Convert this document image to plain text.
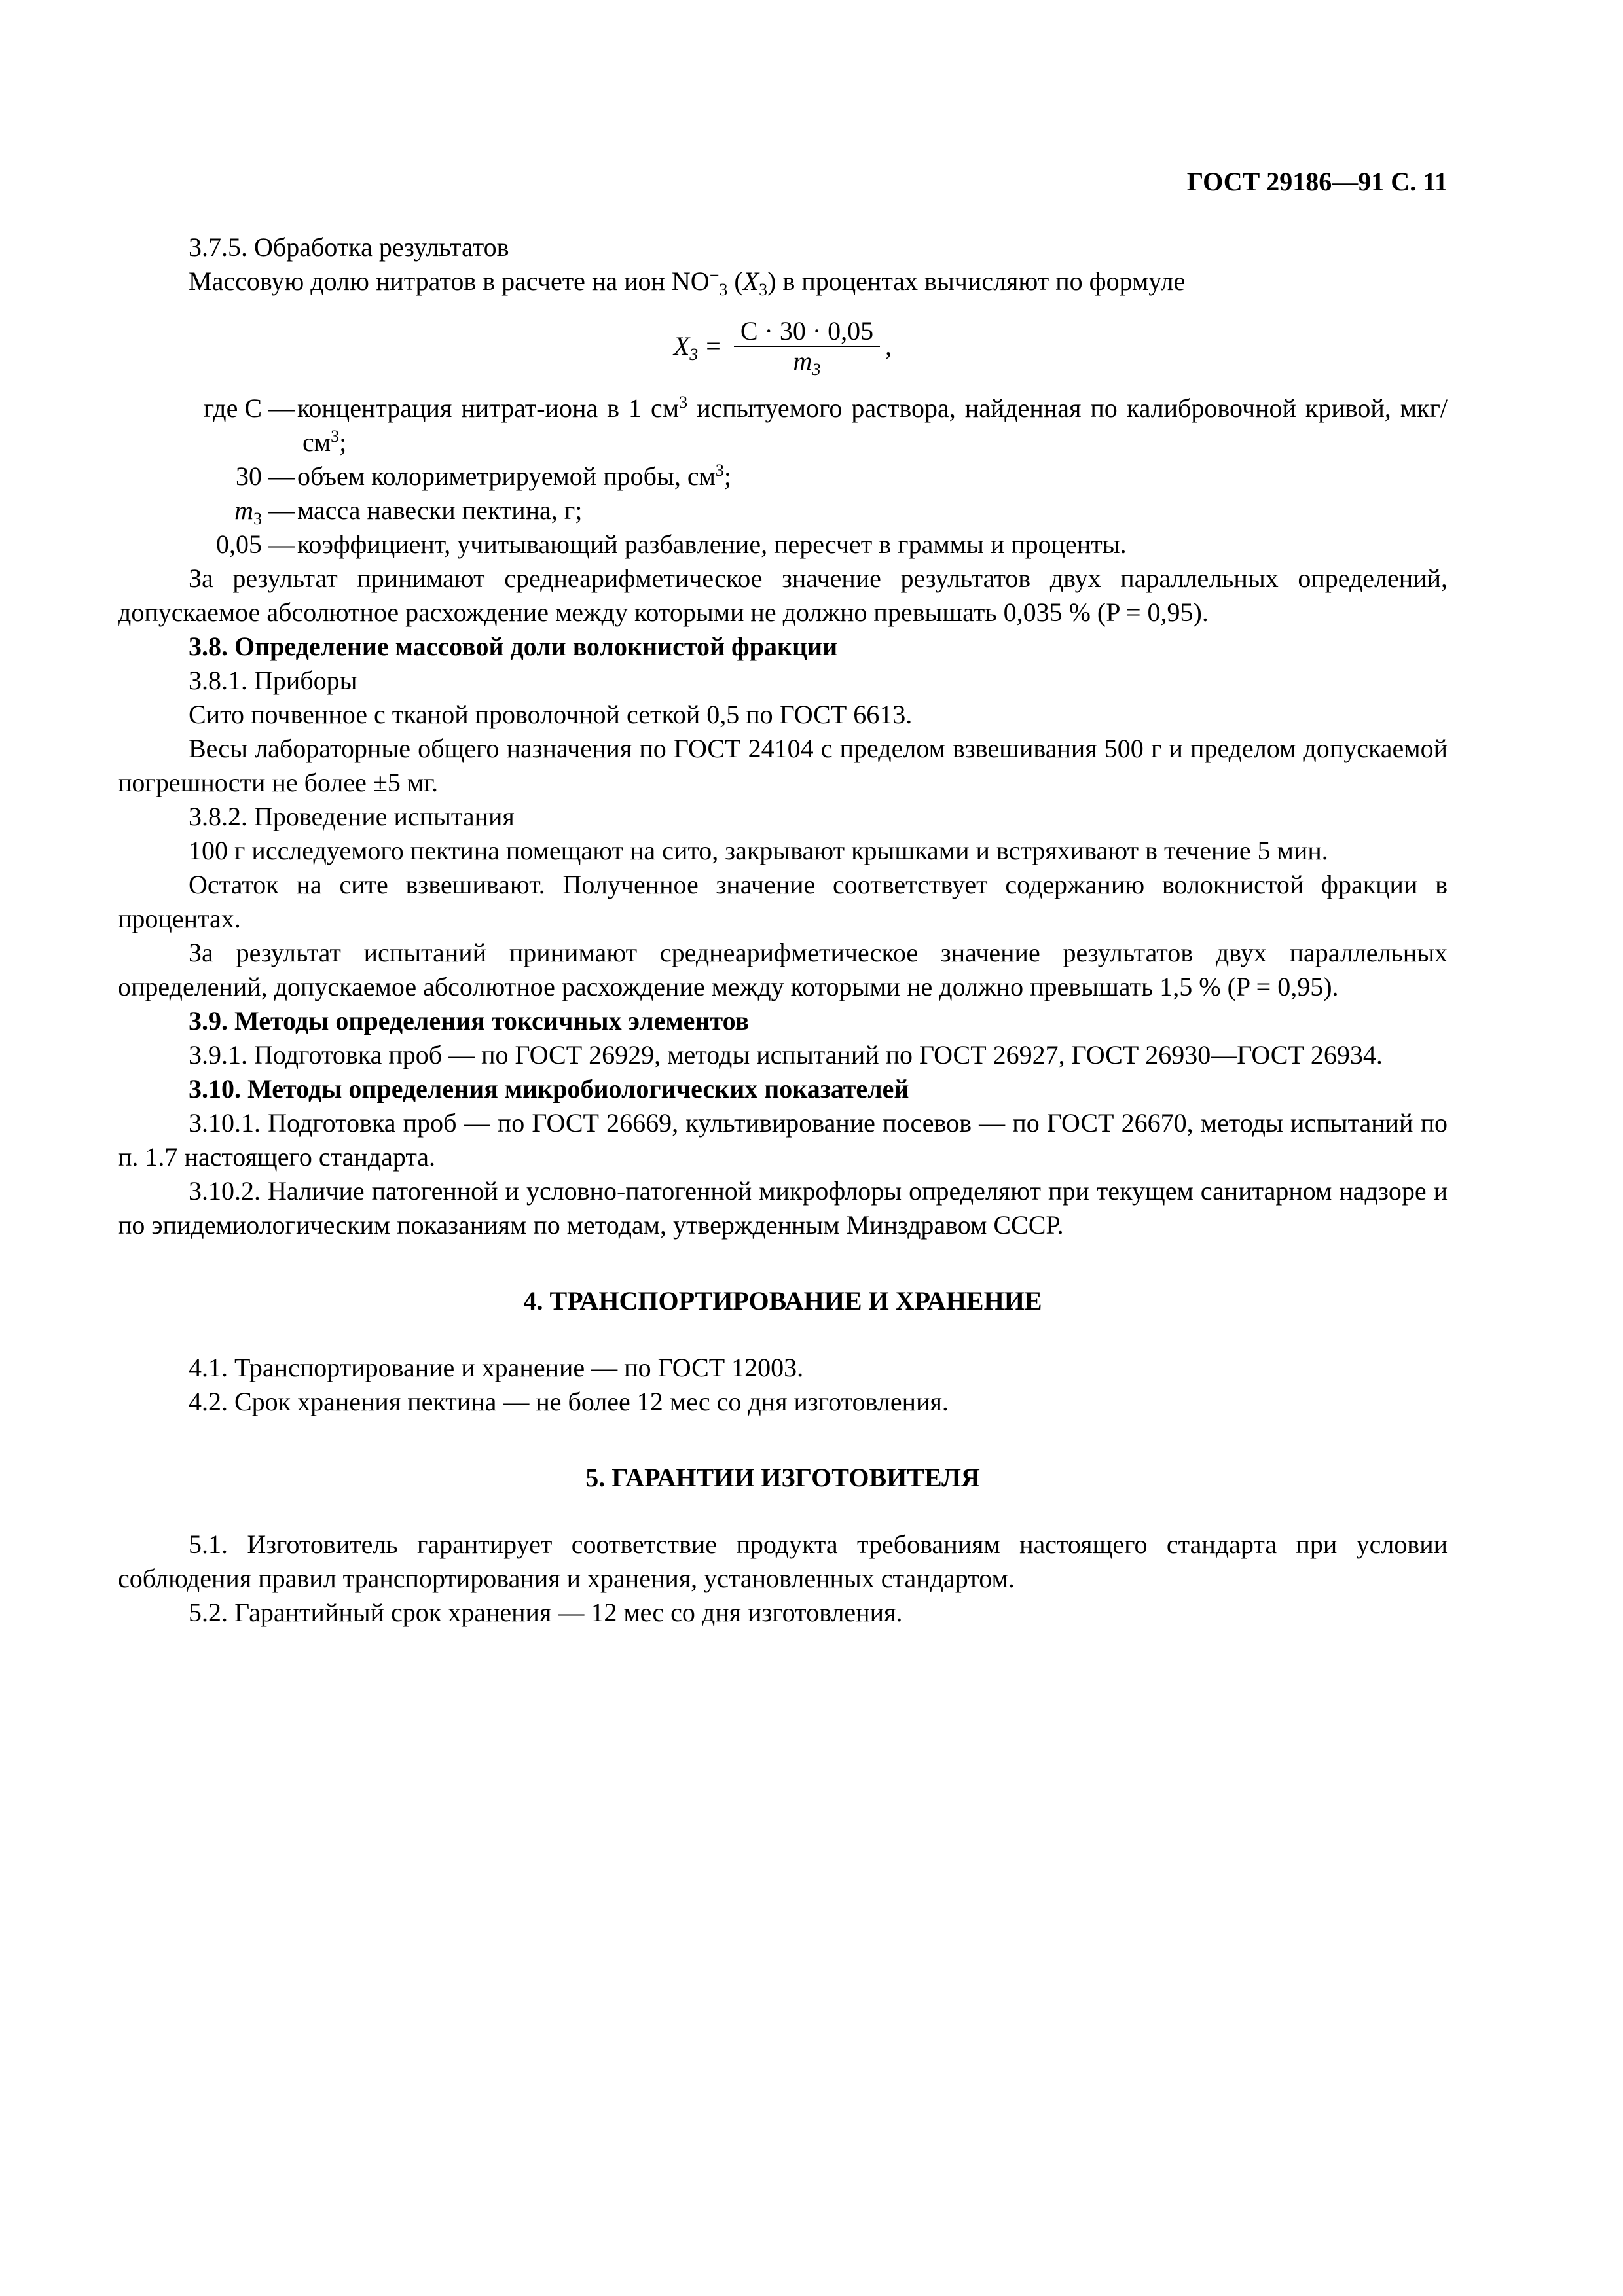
ГОСТ 29186—91 С. 11

3.7.5. Обработка результатов

Массовую долю нитратов в расчете на ион $NO^-_3$ $(X_3)$ в процентах вычисляют по формуле

$X_3 = \frac{C \cdot 30 \cdot 0,05}{m_3}$ ,
где C — концентрация нитрат-иона в 1 $см^3$ испытуемого раствора, найденная по калибровочной кривой, мкг/$см^3$;
30 — объем колориметрируемой пробы, $см^3$;
$m_3$ — масса навески пектина, г;
0,05 — коэффициент, учитывающий разбавление, пересчет в граммы и проценты.

За результат принимают среднеарифметическое значение результатов двух параллельных определений, допускаемое абсолютное расхождение между которыми не должно превышать 0,035 % (P = 0,95).

3.8. Определение массовой доли волокнистой фракции

3.8.1. Приборы

Сито почвенное с тканой проволочной сеткой 0,5 по ГОСТ 6613.

Весы лабораторные общего назначения по ГОСТ 24104 с пределом взвешивания 500 г и пределом допускаемой погрешности не более ±5 мг.

3.8.2. Проведение испытания

100 г исследуемого пектина помещают на сито, закрывают крышками и встряхивают в течение 5 мин.

Остаток на сите взвешивают. Полученное значение соответствует содержанию волокнистой фракции в процентах.

За результат испытаний принимают среднеарифметическое значение результатов двух параллельных определений, допускаемое абсолютное расхождение между которыми не должно превышать 1,5 % (P = 0,95).

3.9. Методы определения токсичных элементов

3.9.1. Подготовка проб — по ГОСТ 26929, методы испытаний по ГОСТ 26927, ГОСТ 26930—ГОСТ 26934.

3.10. Методы определения микробиологических показателей

3.10.1. Подготовка проб — по ГОСТ 26669, культивирование посевов — по ГОСТ 26670, методы испытаний по п. 1.7 настоящего стандарта.

3.10.2. Наличие патогенной и условно-патогенной микрофлоры определяют при текущем санитарном надзоре и по эпидемиологическим показаниям по методам, утвержденным Минздравом СССР.

4. ТРАНСПОРТИРОВАНИЕ И ХРАНЕНИЕ

4.1. Транспортирование и хранение — по ГОСТ 12003.

4.2. Срок хранения пектина — не более 12 мес со дня изготовления.

5. ГАРАНТИИ ИЗГОТОВИТЕЛЯ

5.1. Изготовитель гарантирует соответствие продукта требованиям настоящего стандарта при условии соблюдения правил транспортирования и хранения, установленных стандартом.

5.2. Гарантийный срок хранения — 12 мес со дня изготовления.
